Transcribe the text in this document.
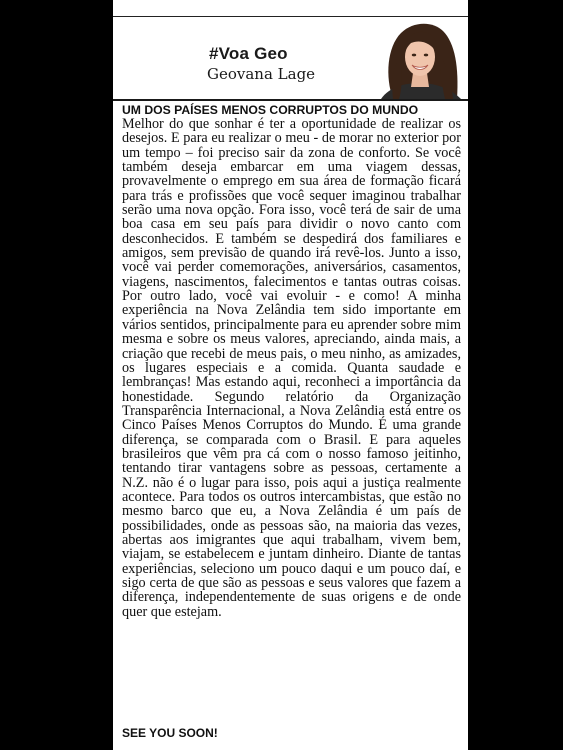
#Voa Geo
Geovana Lage
UM DOS PAÍSES MENOS CORRUPTOS DO MUNDO

Melhor do que sonhar é ter a oportunidade de realizar os desejos. E para eu realizar o meu - de morar no exterior por um tempo – foi preciso sair da zona de conforto. Se você também deseja embarcar em uma viagem dessas, provavelmente o emprego em sua área de formação ficará para trás e profissões que você sequer imaginou trabalhar serão uma nova opção. Fora isso, você terá de sair de uma boa casa em seu país para dividir o novo canto com desconhecidos. E também se despedirá dos familiares e amigos, sem previsão de quando irá revê-los. Junto a isso, você vai perder comemorações, aniversários, casamentos, viagens, nascimentos, falecimentos e tantas outras coisas. Por outro lado, você vai evoluir - e como! A minha experiência na Nova Zelândia tem sido importante em vários sentidos, principalmente para eu aprender sobre mim mesma e sobre os meus valores, apreciando, ainda mais, a criação que recebi de meus pais, o meu ninho, as amizades, os lugares especiais e a comida. Quanta saudade e lembranças! Mas estando aqui, reconheci a importância da honestidade. Segundo relatório da Organização Transparência Internacional, a Nova Zelândia está entre os Cinco Países Menos Corruptos do Mundo. É uma grande diferença, se comparada com o Brasil. E para aqueles brasileiros que vêm pra cá com o nosso famoso jeitinho, tentando tirar vantagens sobre as pessoas, certamente a N.Z. não é o lugar para isso, pois aqui a justiça realmente acontece. Para todos os outros intercambistas, que estão no mesmo barco que eu, a Nova Zelândia é um país de possibilidades, onde as pessoas são, na maioria das vezes, abertas aos imigrantes que aqui trabalham, vivem bem, viajam, se estabelecem e juntam dinheiro. Diante de tantas experiências, seleciono um pouco daqui e um pouco daí, e sigo certa de que são as pessoas e seus valores que fazem a diferença, independentemente de suas origens e de onde quer que estejam.

SEE YOU SOON!
